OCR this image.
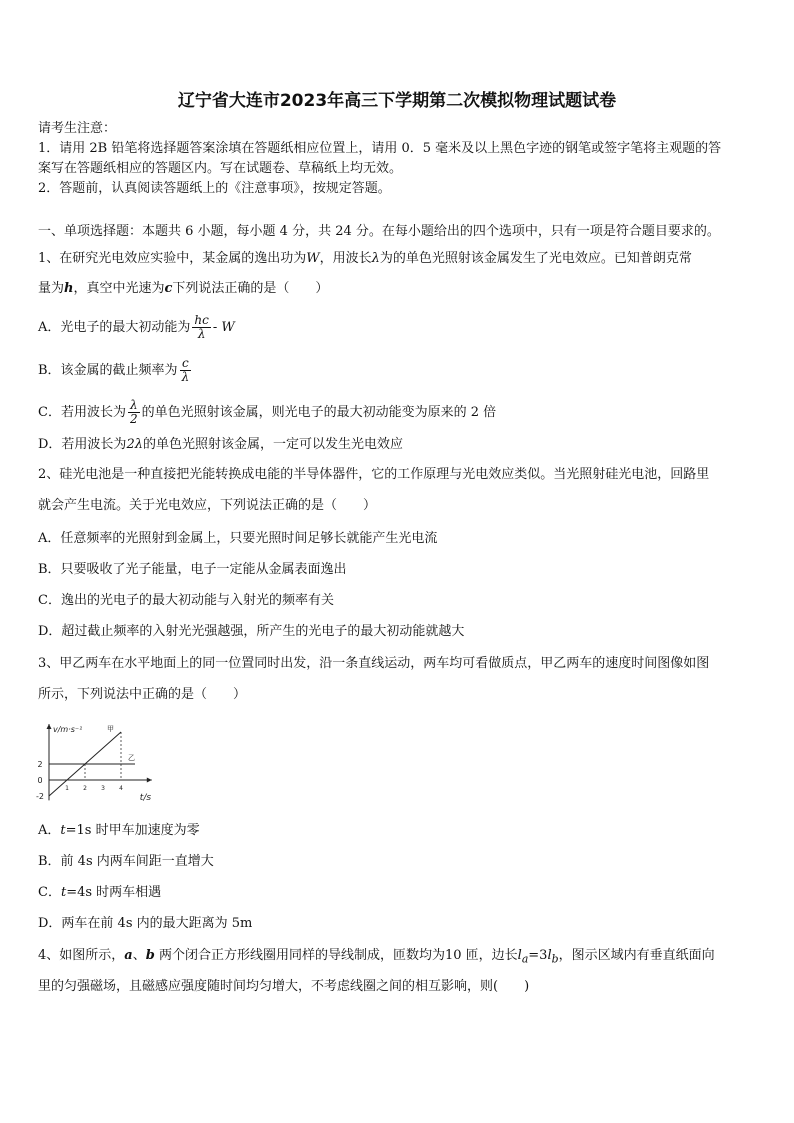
辽宁省大连市2023年高三下学期第二次模拟物理试题试卷
请考生注意：
1．请用 2B 铅笔将选择题答案涂填在答题纸相应位置上，请用 0．5 毫米及以上黑色字迹的钢笔或签字笔将主观题的答
案写在答题纸相应的答题区内。写在试题卷、草稿纸上均无效。
2．答题前，认真阅读答题纸上的《注意事项》，按规定答题。
一、单项选择题：本题共 6 小题，每小题 4 分，共 24 分。在每小题给出的四个选项中，只有一项是符合题目要求的。
1、在研究光电效应实验中，某金属的逸出功为W，用波长λ为的单色光照射该金属发生了光电效应。已知普朗克常
量为h，真空中光速为c下列说法正确的是（　　）
A．光电子的最大初动能为 $\frac{hc}{\lambda}$ - W
B．该金属的截止频率为 $\frac{c}{\lambda}$
C．若用波长为 $\frac{\lambda}{2}$ 的单色光照射该金属，则光电子的最大初动能变为原来的 2 倍
D．若用波长为2λ的单色光照射该金属，一定可以发生光电效应
2、硅光电池是一种直接把光能转换成电能的半导体器件，它的工作原理与光电效应类似。当光照射硅光电池，回路里
就会产生电流。关于光电效应，下列说法正确的是（　　）
A．任意频率的光照射到金属上，只要光照时间足够长就能产生光电流
B．只要吸收了光子能量，电子一定能从金属表面逸出
C．逸出的光电子的最大初动能与入射光的频率有关
D．超过截止频率的入射光光强越强，所产生的光电子的最大初动能就越大
3、甲乙两车在水平地面上的同一位置同时出发，沿一条直线运动，两车均可看做质点，甲乙两车的速度时间图像如图
所示，下列说法中正确的是（　　）
v/m·s⁻¹
t/s
-2
0
2
1 2 3 4
甲
乙
A．t=1s 时甲车加速度为零
B．前 4s 内两车间距一直增大
C．t=4s 时两车相遇
D．两车在前 4s 内的最大距离为 5m
4、如图所示，a、b 两个闭合正方形线圈用同样的导线制成，匝数均为10 匝，边长$l_a=3l_b$，图示区域内有垂直纸面向
里的匀强磁场，且磁感应强度随时间均匀增大，不考虑线圈之间的相互影响，则(　　)
